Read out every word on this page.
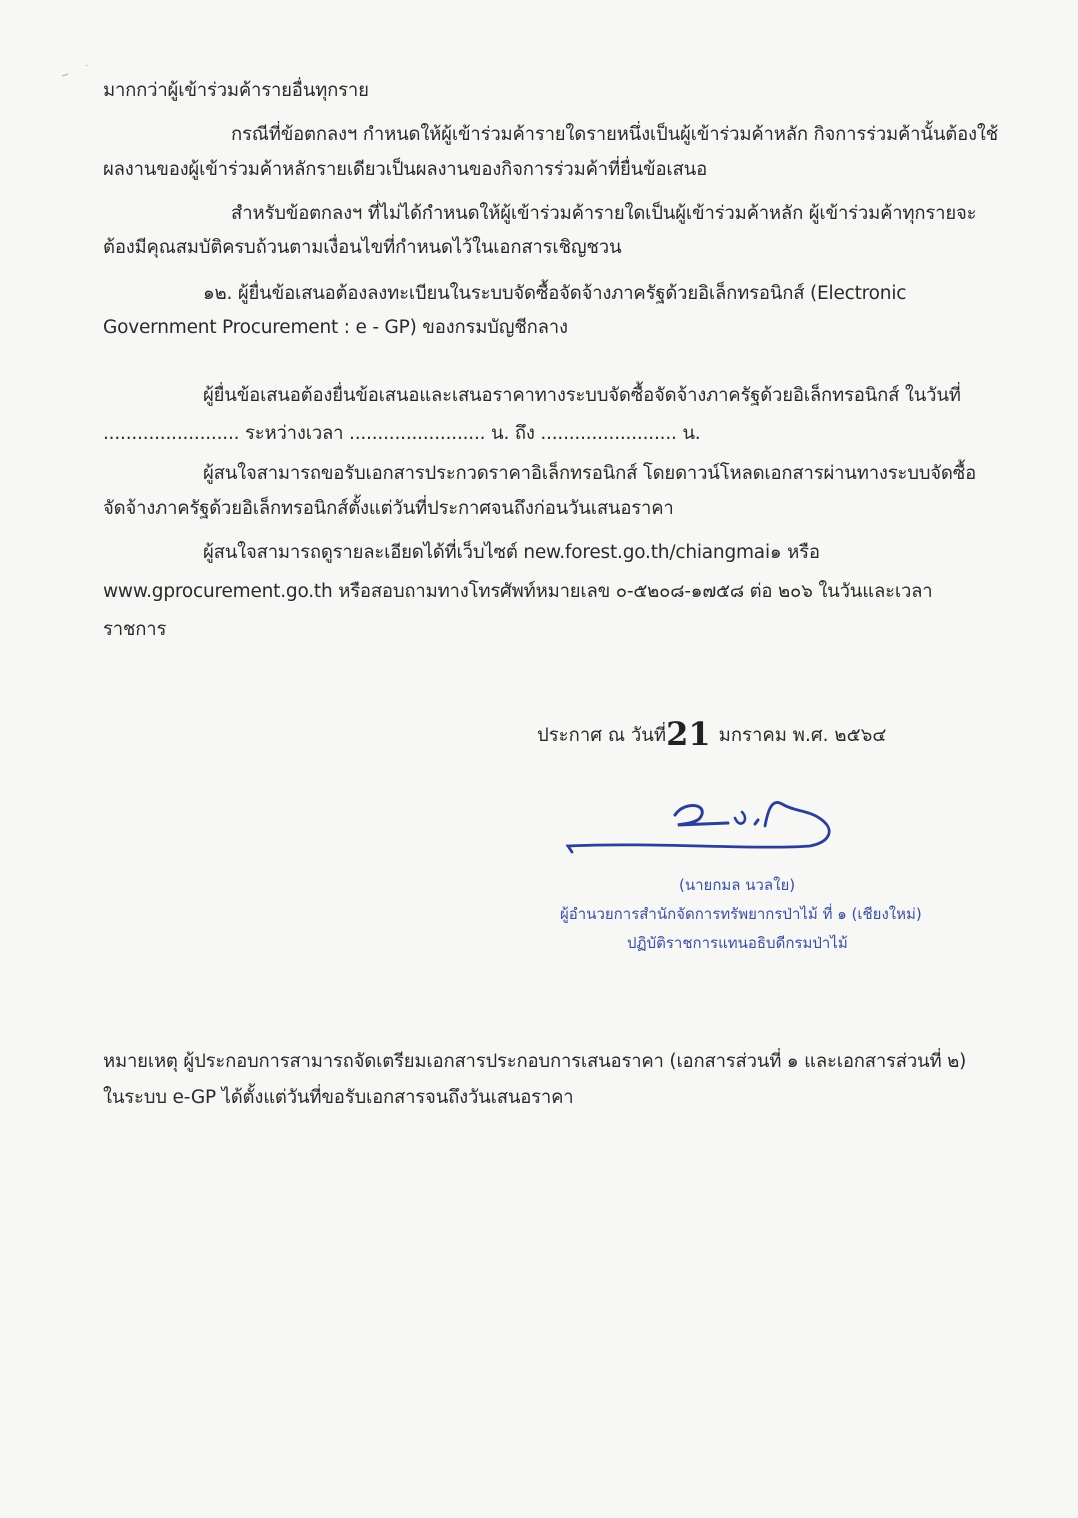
มากกว่าผู้เข้าร่วมค้ารายอื่นทุกราย
กรณีที่ข้อตกลงฯ กำหนดให้ผู้เข้าร่วมค้ารายใดรายหนึ่งเป็นผู้เข้าร่วมค้าหลัก กิจการร่วมค้านั้นต้องใช้
ผลงานของผู้เข้าร่วมค้าหลักรายเดียวเป็นผลงานของกิจการร่วมค้าที่ยื่นข้อเสนอ
สำหรับข้อตกลงฯ ที่ไม่ได้กำหนดให้ผู้เข้าร่วมค้ารายใดเป็นผู้เข้าร่วมค้าหลัก ผู้เข้าร่วมค้าทุกรายจะ
ต้องมีคุณสมบัติครบถ้วนตามเงื่อนไขที่กำหนดไว้ในเอกสารเชิญชวน
๑๒. ผู้ยื่นข้อเสนอต้องลงทะเบียนในระบบจัดซื้อจัดจ้างภาครัฐด้วยอิเล็กทรอนิกส์ (Electronic
Government Procurement : e - GP) ของกรมบัญชีกลาง
ผู้ยื่นข้อเสนอต้องยื่นข้อเสนอและเสนอราคาทางระบบจัดซื้อจัดจ้างภาครัฐด้วยอิเล็กทรอนิกส์ ในวันที่
........................ ระหว่างเวลา ........................ น. ถึง ........................ น.
ผู้สนใจสามารถขอรับเอกสารประกวดราคาอิเล็กทรอนิกส์ โดยดาวน์โหลดเอกสารผ่านทางระบบจัดซื้อ
จัดจ้างภาครัฐด้วยอิเล็กทรอนิกส์ตั้งแต่วันที่ประกาศจนถึงก่อนวันเสนอราคา
ผู้สนใจสามารถดูรายละเอียดได้ที่เว็บไซต์ new.forest.go.th/chiangmai๑ หรือ
www.gprocurement.go.th หรือสอบถามทางโทรศัพท์หมายเลข ๐-๕๒๐๘-๑๗๕๘ ต่อ ๒๐๖ ในวันและเวลา
ราชการ
ประกาศ ณ วันที่21 มกราคม พ.ศ. ๒๕๖๔
(นายกมล นวลใย)
ผู้อำนวยการสำนักจัดการทรัพยากรป่าไม้ ที่ ๑ (เชียงใหม่)
ปฏิบัติราชการแทนอธิบดีกรมป่าไม้
หมายเหตุ ผู้ประกอบการสามารถจัดเตรียมเอกสารประกอบการเสนอราคา (เอกสารส่วนที่ ๑ และเอกสารส่วนที่ ๒)
ในระบบ e-GP ได้ตั้งแต่วันที่ขอรับเอกสารจนถึงวันเสนอราคา
